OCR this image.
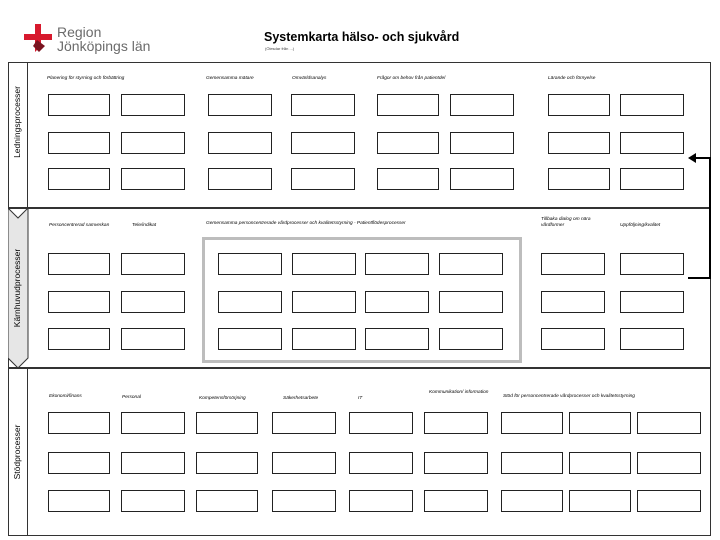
Region
Jönköpings län
Systemkarta hälso- och sjukvård
(Ölesdar från ...)
Ledningsprocesser
Planering för styrning och förbättring	Gemensamma mätare	Omvärldsanalys	Frågor om behov från patientdel	Lärande och förnyelse
Kärnhuvudprocesser
Personcentrerad samverkan	Tele/indikat	Gemensamma personcentrerade vårdprocesser och kvalitetsstyrning - Patientflödesprocesser
Tillbaka dialog om nära vårdformer	Uppföljning/kvalitet
Stödprocesser
Ekonomi/finans	Personal	Kompetensförsörjning	Säkerhetsarbete	IT
Kommunikation/ information
Stöd för personcentrerade vårdprocesser och kvalitetsstyrning
